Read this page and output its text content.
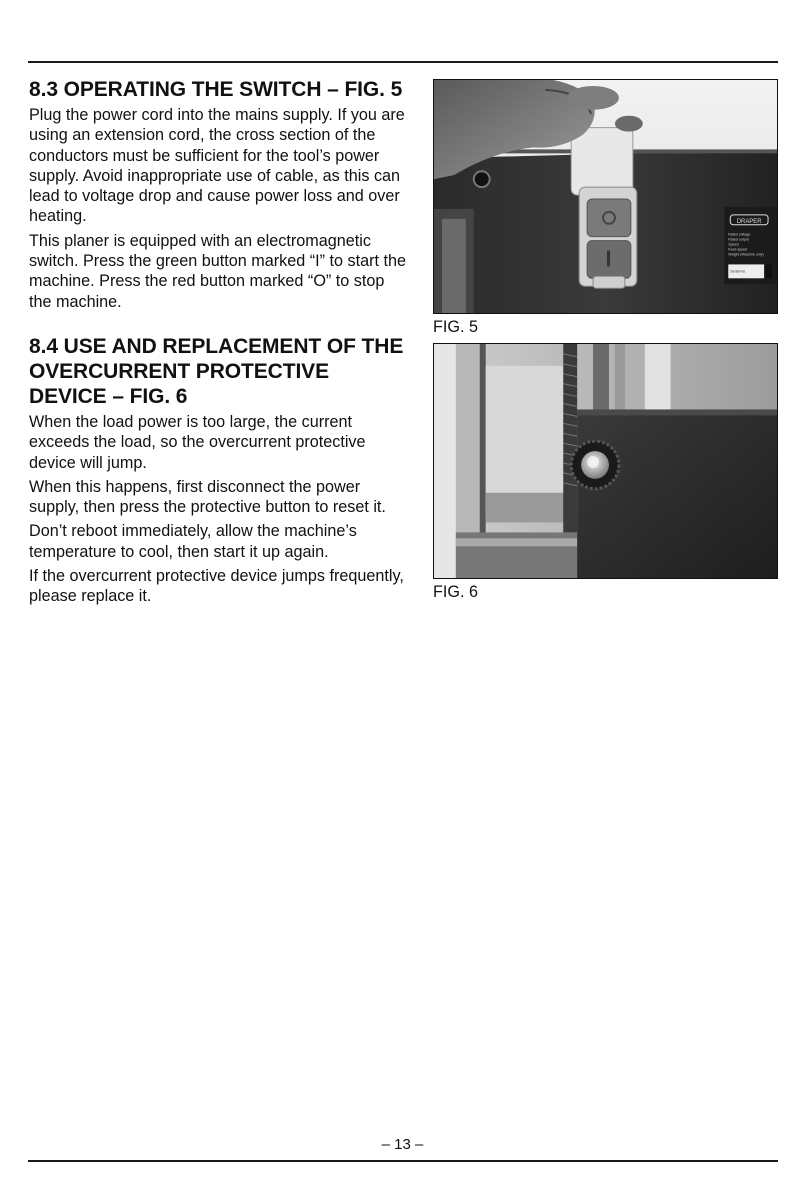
8.3 OPERATING THE SWITCH – FIG. 5

Plug the power cord into the mains supply. If you are using an extension cord, the cross section of the conductors must be sufficient for the tool’s power supply. Avoid inappropriate use of cable, as this can lead to voltage drop and cause power loss and over heating.

This planer is equipped with an electromagnetic switch. Press the green button marked “I” to start the machine. Press the red button marked “O” to stop the machine.

8.4 USE AND REPLACEMENT OF THE OVERCURRENT PROTECTIVE DEVICE – FIG. 6

When the load power is too large, the current exceeds the load, so the overcurrent protective device will jump.

When this happens, first disconnect the power supply, then press the protective button to reset it.

Don’t reboot immediately, allow the machine’s temperature to cool, then start it up again.

If the overcurrent protective device jumps frequently, please replace it.

DRAPER
Rated voltage
Rated output
Speed
Feed speed
Weight (Machine only)
Serial No.
FIG. 5
FIG. 6
– 13 –
